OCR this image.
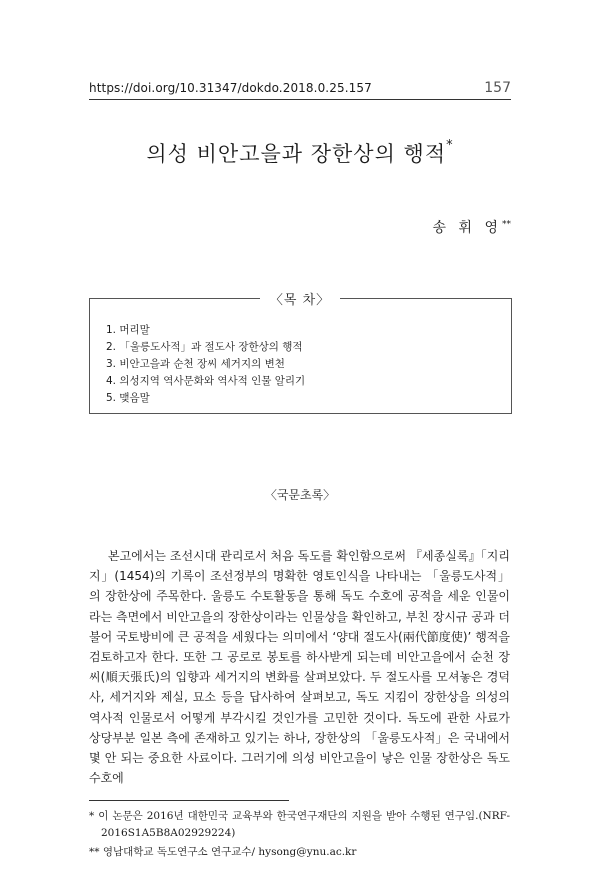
https://doi.org/10.31347/dokdo.2018.0.25.157	157
의성 비안고을과 장한상의 행적*
송 휘 영**
〈목 차〉
1. 머리말
2. 「울릉도사적」과 절도사 장한상의 행적
3. 비안고을과 순천 장씨 세거지의 변천
4. 의성지역 역사문화와 역사적 인물 알리기
5. 맺음말
〈국문초록〉

본고에서는 조선시대 관리로서 처음 독도를 확인함으로써 『세종실록』「지리지」(1454)의 기록이 조선정부의 명확한 영토인식을 나타내는 「울릉도사적」의 장한상에 주목한다. 울릉도 수토활동을 통해 독도 수호에 공적을 세운 인물이라는 측면에서 비안고을의 장한상이라는 인물상을 확인하고, 부친 장시규 공과 더불어 국토방비에 큰 공적을 세웠다는 의미에서 ‘양대 절도사(兩代節度使)’ 행적을 검토하고자 한다. 또한 그 공로로 봉토를 하사받게 되는데 비안고을에서 순천 장씨(順天張氏)의 입향과 세거지의 변화를 살펴보았다. 두 절도사를 모셔놓은 경덕사, 세거지와 제실, 묘소 등을 답사하여 살펴보고, 독도 지킴이 장한상을 의성의 역사적 인물로서 어떻게 부각시킬 것인가를 고민한 것이다. 독도에 관한 사료가 상당부분 일본 측에 존재하고 있기는 하나, 장한상의 「울릉도사적」은 국내에서 몇 안 되는 중요한 사료이다. 그러기에 의성 비안고을이 낳은 인물 장한상은 독도 수호에

* 이 논문은 2016년 대한민국 교육부와 한국연구재단의 지원을 받아 수행된 연구임.(NRF-2016S1A5B8A02929224)

** 영남대학교 독도연구소 연구교수/ hysong@ynu.ac.kr
